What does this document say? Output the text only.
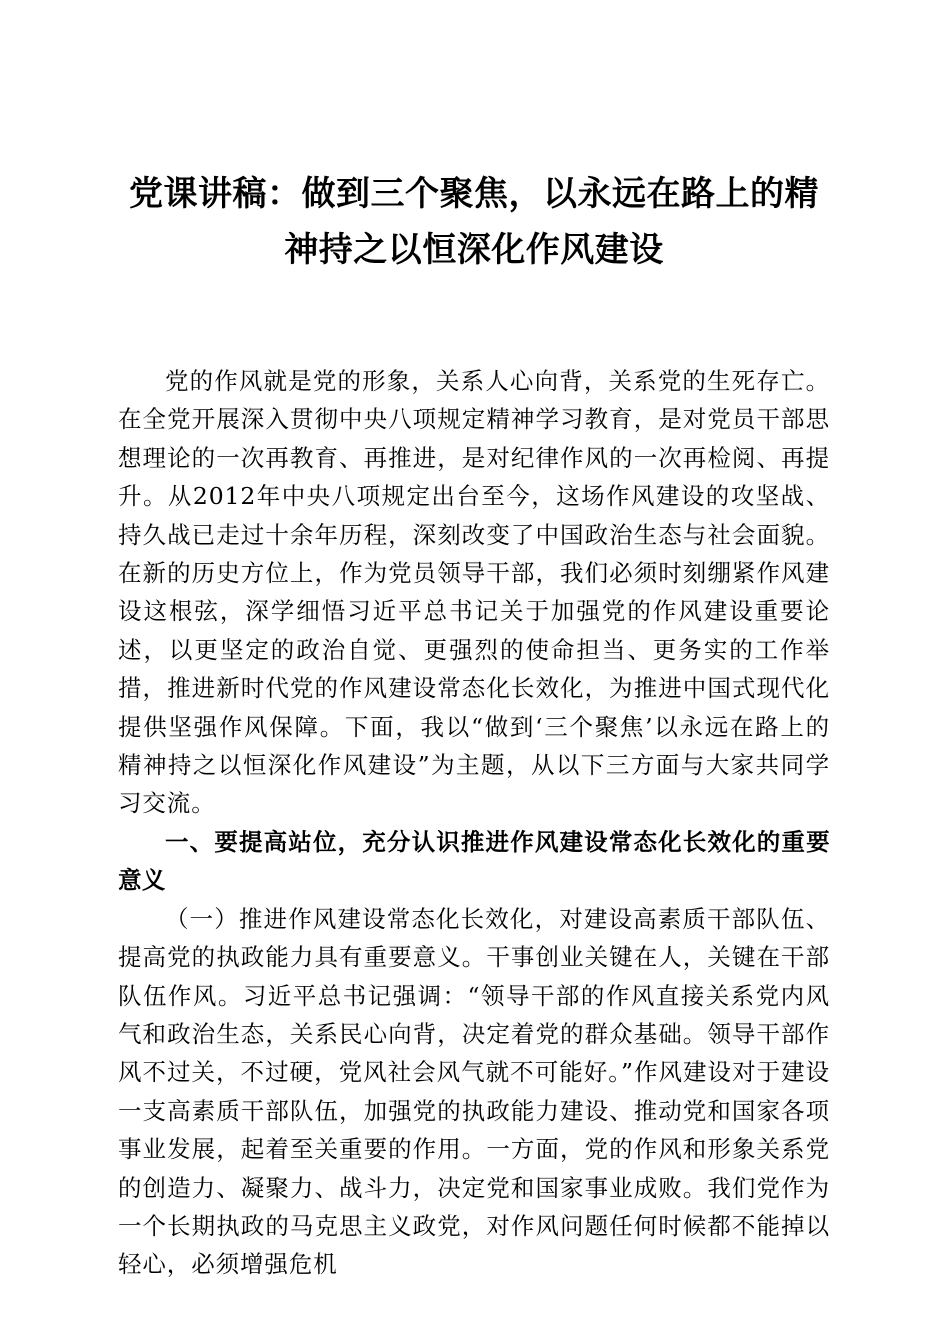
党课讲稿：做到三个聚焦，以永远在路上的精
神持之以恒深化作风建设

党的作风就是党的形象，关系人心向背，关系党的生死存亡。在全党开展深入贯彻中央八项规定精神学习教育，是对党员干部思想理论的一次再教育、再推进，是对纪律作风的一次再检阅、再提升。从2012年中央八项规定出台至今，这场作风建设的攻坚战、持久战已走过十余年历程，深刻改变了中国政治生态与社会面貌。在新的历史方位上，作为党员领导干部，我们必须时刻绷紧作风建设这根弦，深学细悟习近平总书记关于加强党的作风建设重要论述，以更坚定的政治自觉、更强烈的使命担当、更务实的工作举措，推进新时代党的作风建设常态化长效化，为推进中国式现代化提供坚强作风保障。下面，我以“做到‘三个聚焦’以永远在路上的精神持之以恒深化作风建设”为主题，从以下三方面与大家共同学习交流。

一、要提高站位，充分认识推进作风建设常态化长效化的重要意义

（一）推进作风建设常态化长效化，对建设高素质干部队伍、提高党的执政能力具有重要意义。干事创业关键在人，关键在干部队伍作风。习近平总书记强调：“领导干部的作风直接关系党内风气和政治生态，关系民心向背，决定着党的群众基础。领导干部作风不过关，不过硬，党风社会风气就不可能好。”作风建设对于建设一支高素质干部队伍，加强党的执政能力建设、推动党和国家各项事业发展，起着至关重要的作用。一方面，党的作风和形象关系党的创造力、凝聚力、战斗力，决定党和国家事业成败。我们党作为一个长期执政的马克思主义政党，对作风问题任何时候都不能掉以轻心，必须增强危机
